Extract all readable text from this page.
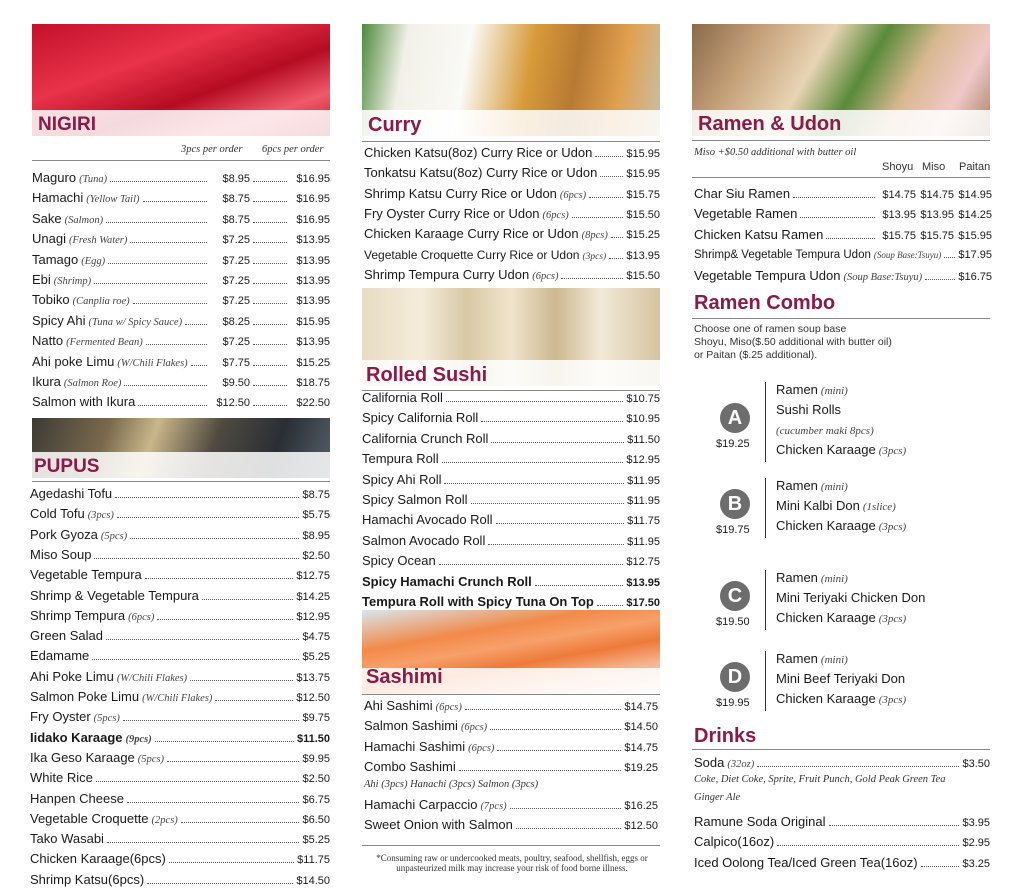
NIGIRI
3pcs per order 6pcs per order
Maguro (Tuna)	$8.95	$16.95
Hamachi (Yellow Tail)	$8.75	$16.95
Sake (Salmon)	$8.75	$16.95
Unagi (Fresh Water)	$7.25	$13.95
Tamago (Egg)	$7.25	$13.95
Ebi (Shrimp)	$7.25	$13.95
Tobiko (Canplia roe)	$7.25	$13.95
Spicy Ahi (Tuna w/ Spicy Sauce)	$8.25	$15.95
Natto (Fermented Bean)	$7.25	$13.95
Ahi poke Limu (W/Chili Flakes)	$7.75	$15.25
Ikura (Salmon Roe)	$9.50	$18.75
Salmon with Ikura	$12.50	$22.50
PUPUS
Agedashi Tofu	$8.75
Cold Tofu (3pcs)	$5.75
Pork Gyoza (5pcs)	$8.95
Miso Soup	$2.50
Vegetable Tempura	$12.75
Shrimp & Vegetable Tempura	$14.25
Shrimp Tempura (6pcs)	$12.95
Green Salad	$4.75
Edamame	$5.25
Ahi Poke Limu (W/Chili Flakes)	$13.75
Salmon Poke Limu (W/Chili Flakes)	$12.50
Fry Oyster (5pcs)	$9.75
Iidako Karaage (9pcs)	$11.50
Ika Geso Karaage (5pcs)	$9.95
White Rice	$2.50
Hanpen Cheese	$6.75
Vegetable Croquette (2pcs)	$6.50
Tako Wasabi	$5.25
Chicken Karaage(6pcs)	$11.75
Shrimp Katsu(6pcs)	$14.50
Curry
Chicken Katsu(8oz) Curry Rice or Udon	$15.95
Tonkatsu Katsu(8oz) Curry Rice or Udon	$15.95
Shrimp Katsu Curry Rice or Udon (6pcs)	$15.75
Fry Oyster Curry Rice or Udon (6pcs)	$15.50
Chicken Karaage Curry Rice or Udon (8pcs) $15.25
Vegetable Croquette Curry Rice or Udon (3pcs) $13.95
Shrimp Tempura Curry Udon (6pcs)	$15.50
Rolled Sushi
California Roll	$10.75
Spicy California Roll	$10.95
California Crunch Roll	$11.50
Tempura Roll	$12.95
Spicy Ahi Roll	$11.95
Spicy Salmon Roll	$11.95
Hamachi Avocado Roll	$11.75
Salmon Avocado Roll	$11.95
Spicy Ocean	$12.75
Spicy Hamachi Crunch Roll	$13.95
Tempura Roll with Spicy Tuna On Top	$17.50
Sashimi
Ahi Sashimi (6pcs)	$14.75
Salmon Sashimi (6pcs)	$14.50
Hamachi Sashimi (6pcs)	$14.75
Combo Sashimi	$19.25
Ahi (3pcs) Hanachi (3pcs) Salmon (3pcs)
Hamachi Carpaccio (7pcs)	$16.25
Sweet Onion with Salmon	$12.50
*Consuming raw or undercooked meats, poultry, seafood, shellfish, eggs or unpasteurized milk may increase your risk of food borne illness.
Ramen & Udon
Miso +$0.50 additional with butter oil
Shoyu Miso Paitan
Char Siu Ramen	$14.75 $14.75 $14.95
Vegetable Ramen	$13.95 $13.95 $14.25
Chicken Katsu Ramen	$15.75 $15.75 $15.95
Shrimp& Vegetable Tempura Udon (Soup Base:Tsuyu) $17.95
Vegetable Tempura Udon (Soup Base:Tsuyu)	$16.75
Ramen Combo
Choose one of ramen soup base
Shoyu, Miso($.50 additional with butter oil)
or Paitan ($.25 additional).
A
$19.25
Ramen (mini)
Sushi Rolls
(cucumber maki 8pcs)
Chicken Karaage (3pcs)
B
$19.75
Ramen (mini)
Mini Kalbi Don (1slice)
Chicken Karaage (3pcs)
C
$19.50
Ramen (mini)
Mini Teriyaki Chicken Don
Chicken Karaage (3pcs)
D
$19.95
Ramen (mini)
Mini Beef Teriyaki Don
Chicken Karaage (3pcs)
Drinks
Soda (32oz)	$3.50
Coke, Diet Coke, Sprite, Fruit Punch, Gold Peak Green Tea
Ginger Ale
Ramune Soda Original	$3.95
Calpico(16oz)	$2.95
Iced Oolong Tea/Iced Green Tea(16oz)	$3.25
